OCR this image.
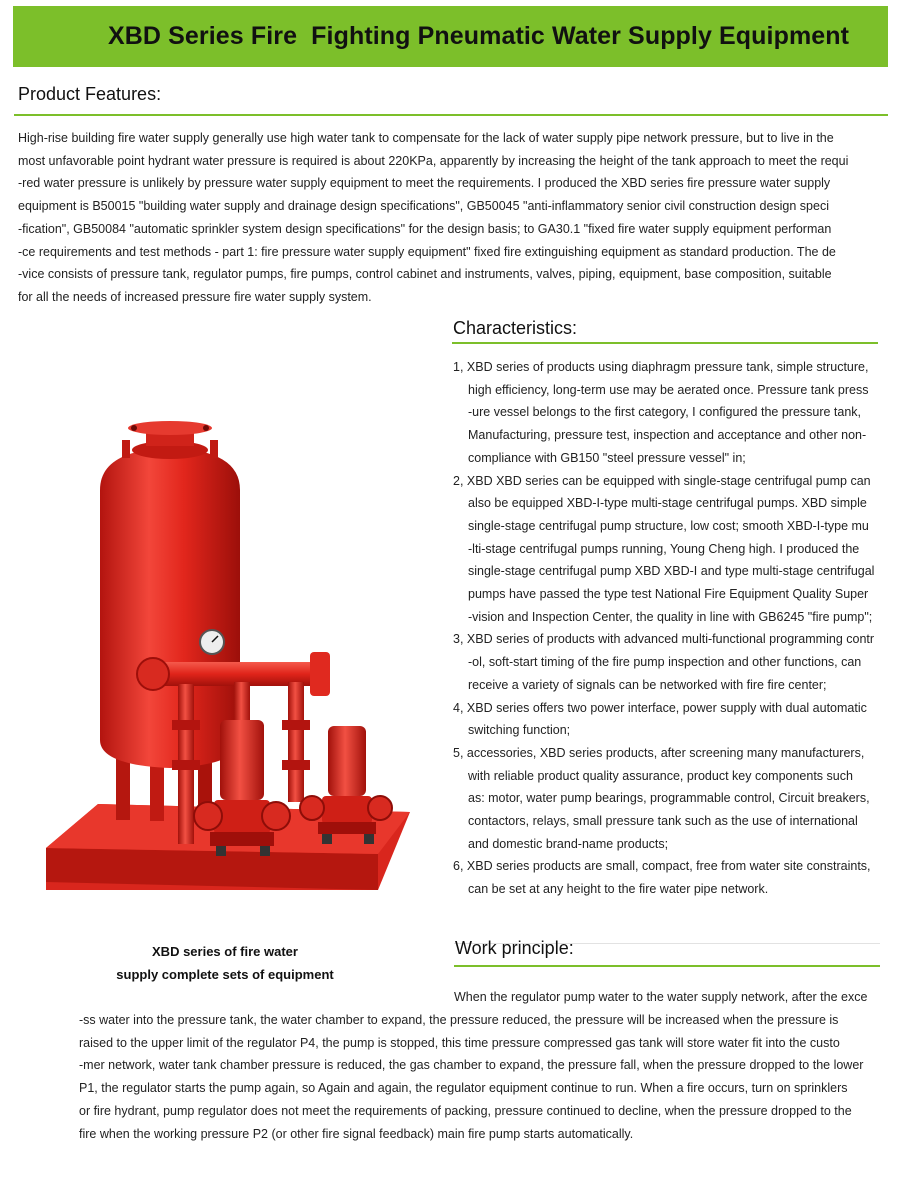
XBD Series Fire  Fighting Pneumatic Water Supply Equipment
Product Features:
High-rise building fire water supply generally use high water tank to compensate for the lack of water supply pipe network pressure, but to live in the
most unfavorable point hydrant water pressure is required is about 220KPa, apparently by increasing the height of the tank approach to meet the requi
-red water pressure is unlikely by pressure water supply equipment to meet the requirements. I produced the XBD series fire pressure water supply
equipment is B50015 "building water supply and drainage design specifications", GB50045 "anti-inflammatory senior civil construction design speci
-fication", GB50084 "automatic sprinkler system design specifications" for the design basis; to GA30.1 "fixed fire water supply equipment performan
-ce requirements and test methods - part 1: fire pressure water supply equipment" fixed fire extinguishing equipment as standard production. The de
-vice consists of pressure tank, regulator pumps, fire pumps, control cabinet and instruments, valves, piping, equipment, base composition, suitable
for all the needs of increased pressure fire water supply system.
Characteristics:
1, XBD series of products using diaphragm pressure tank, simple structure,
high efficiency, long-term use may be aerated once. Pressure tank press
-ure vessel belongs to the first category, I configured the pressure tank,
Manufacturing, pressure test, inspection and acceptance and other non-
compliance with GB150 "steel pressure vessel" in;
2, XBD XBD series can be equipped with single-stage centrifugal pump can
also be equipped XBD-I-type multi-stage centrifugal pumps. XBD simple
single-stage centrifugal pump structure, low cost; smooth XBD-I-type mu
-lti-stage centrifugal pumps running, Young Cheng high. I produced the
single-stage centrifugal pump XBD XBD-I and type multi-stage centrifugal
pumps have passed the type test National Fire Equipment Quality Super
-vision and Inspection Center, the quality in line with GB6245 "fire pump";
3, XBD series of products with advanced multi-functional programming contr
-ol, soft-start timing of the fire pump inspection and other functions, can
receive a variety of signals can be networked with fire fire center;
4, XBD series offers two power interface, power supply with dual automatic
switching function;
5, accessories, XBD series products, after screening many manufacturers,
with reliable product quality assurance, product key components such
as: motor, water pump bearings, programmable control, Circuit breakers,
contactors, relays, small pressure tank such as the use of international
and domestic brand-name products;
6, XBD series products are small, compact, free from water site constraints,
can be set at any height to the fire water pipe network.
XBD series of fire water
supply complete sets of equipment
Work principle:
When the regulator pump water to the water supply network, after the exce
-ss water into the pressure tank, the water chamber to expand, the pressure reduced, the pressure will be increased when the pressure is
raised to the upper limit of the regulator P4, the pump is stopped, this time pressure compressed gas tank will store water fit into the custo
-mer network, water tank chamber pressure is reduced, the gas chamber to expand, the pressure fall, when the pressure dropped to the lower
P1, the regulator starts the pump again, so Again and again, the regulator equipment continue to run. When a fire occurs, turn on sprinklers
or fire hydrant, pump regulator does not meet the requirements of packing, pressure continued to decline, when the pressure dropped to the
fire when the working pressure P2 (or other fire signal feedback) main fire pump starts automatically.
